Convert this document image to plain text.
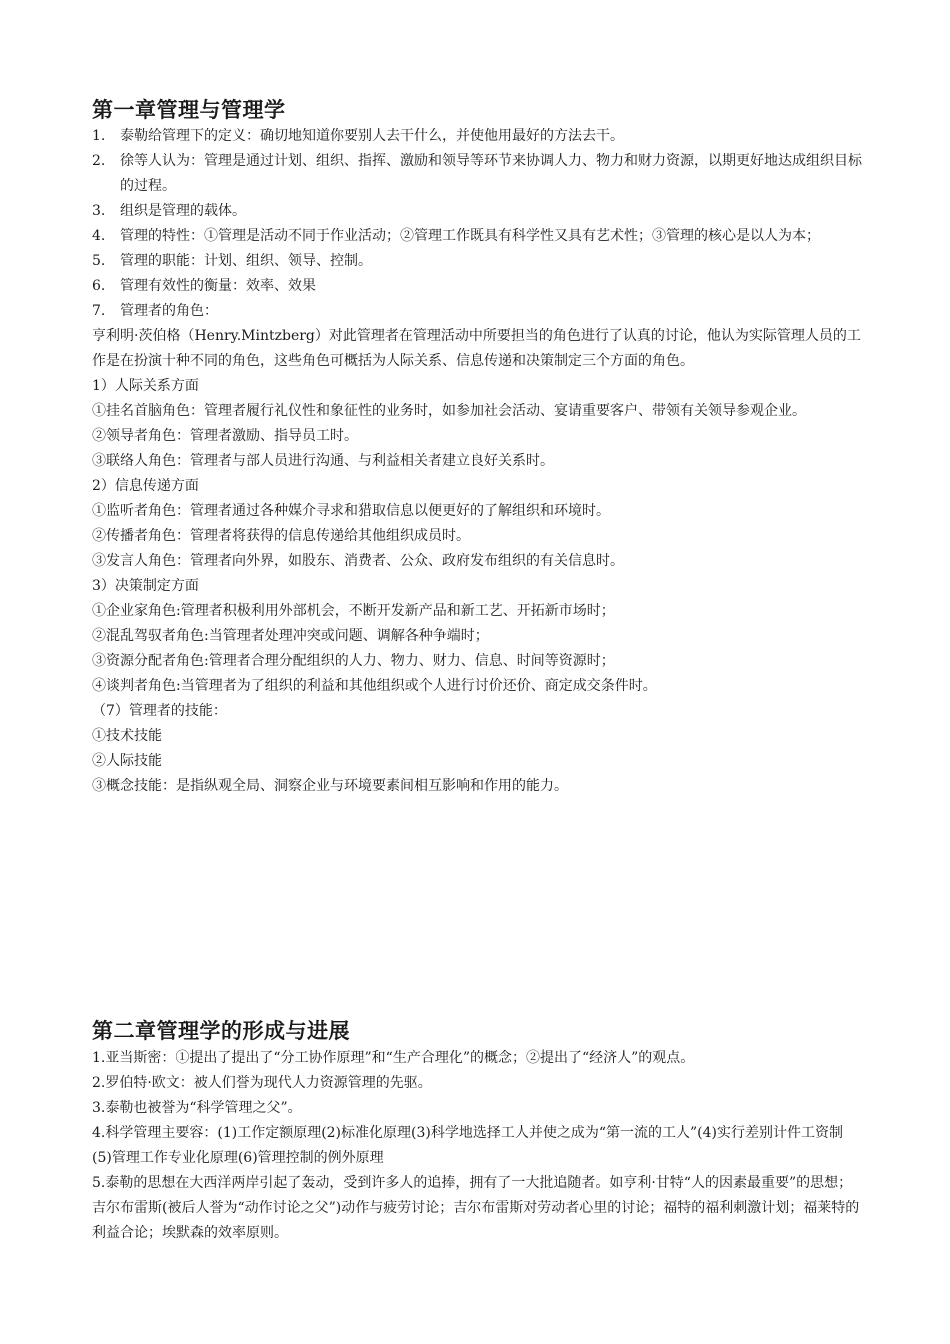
第一章管理与管理学
1.	泰勒给管理下的定义：确切地知道你要别人去干什么，并使他用最好的方法去干。
2.	徐等人认为：管理是通过计划、组织、指挥、激励和领导等环节来协调人力、物力和财力资源，以期更好地达成组织目标的过程。
3.	组织是管理的载体。
4.	管理的特性：①管理是活动不同于作业活动；②管理工作既具有科学性又具有艺术性；③管理的核心是以人为本；
5.	管理的职能：计划、组织、领导、控制。
6.	管理有效性的衡量：效率、效果
7.	管理者的角色：

亨利明·茨伯格（Henry.Mintzberg）对此管理者在管理活动中所要担当的角色进行了认真的讨论，他认为实际管理人员的工作是在扮演十种不同的角色，这些角色可概括为人际关系、信息传递和决策制定三个方面的角色。

1）人际关系方面
①挂名首脑角色：管理者履行礼仪性和象征性的业务时，如参加社会活动、宴请重要客户、带领有关领导参观企业。
②领导者角色：管理者激励、指导员工时。
③联络人角色：管理者与部人员进行沟通、与利益相关者建立良好关系时。
2）信息传递方面
①监听者角色：管理者通过各种媒介寻求和猎取信息以便更好的了解组织和环境时。
②传播者角色：管理者将获得的信息传递给其他组织成员时。
③发言人角色：管理者向外界，如股东、消费者、公众、政府发布组织的有关信息时。
3）决策制定方面
①企业家角色:管理者积极利用外部机会，不断开发新产品和新工艺、开拓新市场时；
②混乱驾驭者角色:当管理者处理冲突或问题、调解各种争端时；
③资源分配者角色:管理者合理分配组织的人力、物力、财力、信息、时间等资源时；
④谈判者角色:当管理者为了组织的利益和其他组织或个人进行讨价还价、商定成交条件时。
（7）管理者的技能：
①技术技能
②人际技能
③概念技能：是指纵观全局、洞察企业与环境要素间相互影响和作用的能力。
第二章管理学的形成与进展
1.亚当斯密：①提出了提出了“分工协作原理”和“生产合理化”的概念；②提出了“经济人”的观点。
2.罗伯特·欧文：被人们誉为现代人力资源管理的先驱。
3.泰勒也被誉为“科学管理之父”。
4.科学管理主要容：(1)工作定额原理(2)标准化原理(3)科学地选择工人并使之成为“第一流的工人”(4)实行差别计件工资制(5)管理工作专业化原理(6)管理控制的例外原理
5.泰勒的思想在大西洋两岸引起了轰动，受到许多人的追捧，拥有了一大批追随者。如亨利·甘特“人的因素最重要”的思想；吉尔布雷斯(被后人誉为“动作讨论之父”)动作与疲劳讨论；吉尔布雷斯对劳动者心里的讨论；福特的福利刺激计划；福莱特的利益合论；埃默森的效率原则。
